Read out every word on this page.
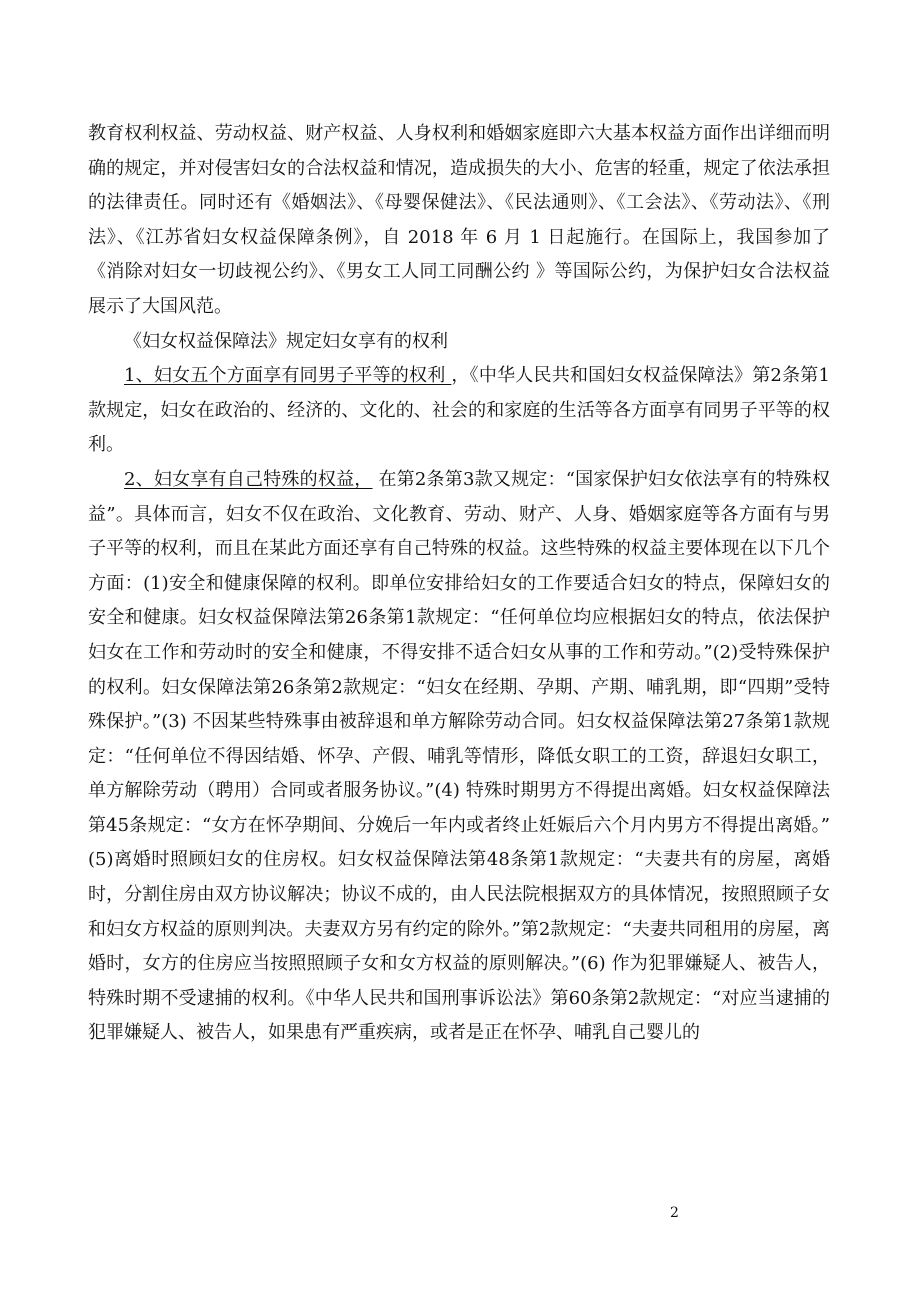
教育权利权益、劳动权益、财产权益、人身权利和婚姻家庭即六大基本权益方面作出详细而明确的规定，并对侵害妇女的合法权益和情况，造成损失的大小、危害的轻重，规定了依法承担的法律责任。同时还有《婚姻法》、《母婴保健法》、《民法通则》、《工会法》、《劳动法》、《刑法》、《江苏省妇女权益保障条例》，自 2018 年 6 月 1 日起施行。在国际上，我国参加了《消除对妇女一切歧视公约》、《男女工人同工同酬公约 》等国际公约，为保护妇女合法权益展示了大国风范。

《妇女权益保障法》规定妇女享有的权利

1、妇女五个方面享有同男子平等的权利 ，《中华人民共和国妇女权益保障法》第2条第1款规定，妇女在政治的、经济的、文化的、社会的和家庭的生活等各方面享有同男子平等的权利。

2、妇女享有自己特殊的权益， 在第2条第3款又规定：“国家保护妇女依法享有的特殊权益”。具体而言，妇女不仅在政治、文化教育、劳动、财产、人身、婚姻家庭等各方面有与男子平等的权利，而且在某此方面还享有自己特殊的权益。这些特殊的权益主要体现在以下几个方面：(1)安全和健康保障的权利。即单位安排给妇女的工作要适合妇女的特点，保障妇女的安全和健康。妇女权益保障法第26条第1款规定：“任何单位均应根据妇女的特点，依法保护妇女在工作和劳动时的安全和健康，不得安排不适合妇女从事的工作和劳动。”(2)受特殊保护的权利。妇女保障法第26条第2款规定：“妇女在经期、孕期、产期、哺乳期，即“四期”受特殊保护。”(3) 不因某些特殊事由被辞退和单方解除劳动合同。妇女权益保障法第27条第1款规定：“任何单位不得因结婚、怀孕、产假、哺乳等情形，降低女职工的工资，辞退妇女职工，单方解除劳动（聘用）合同或者服务协议。”(4) 特殊时期男方不得提出离婚。妇女权益保障法第45条规定：“女方在怀孕期间、分娩后一年内或者终止妊娠后六个月内男方不得提出离婚。”　(5)离婚时照顾妇女的住房权。妇女权益保障法第48条第1款规定：“夫妻共有的房屋，离婚时，分割住房由双方协议解决；协议不成的，由人民法院根据双方的具体情况，按照照顾子女和妇女方权益的原则判决。夫妻双方另有约定的除外。”第2款规定：“夫妻共同租用的房屋，离婚时，女方的住房应当按照照顾子女和女方权益的原则解决。”(6) 作为犯罪嫌疑人、被告人，特殊时期不受逮捕的权利。《中华人民共和国刑事诉讼法》第60条第2款规定：“对应当逮捕的犯罪嫌疑人、被告人，如果患有严重疾病，或者是正在怀孕、哺乳自己婴儿的

2
